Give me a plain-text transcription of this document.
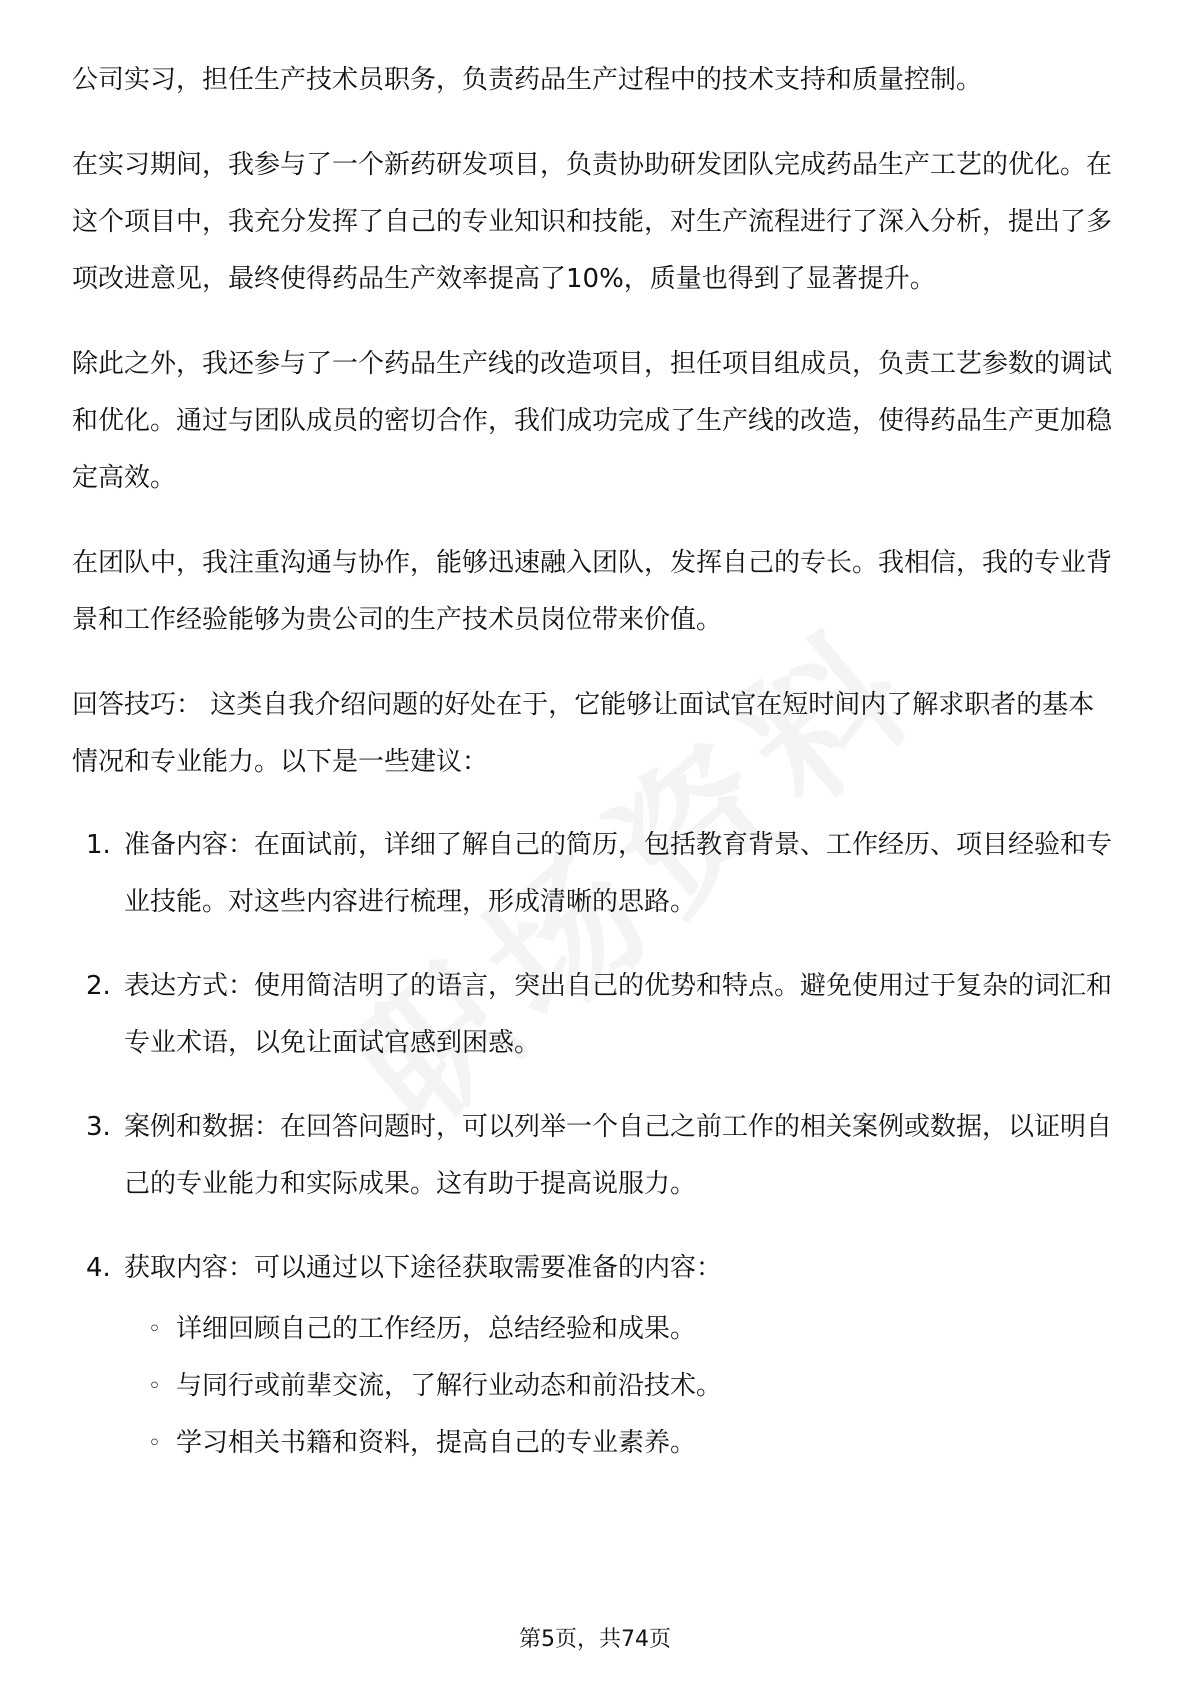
公司实习，担任生产技术员职务，负责药品生产过程中的技术支持和质量控制。

在实习期间，我参与了一个新药研发项目，负责协助研发团队完成药品生产工艺的优化。在这个项目中，我充分发挥了自己的专业知识和技能，对生产流程进行了深入分析，提出了多项改进意见，最终使得药品生产效率提高了10%，质量也得到了显著提升。

除此之外，我还参与了一个药品生产线的改造项目，担任项目组成员，负责工艺参数的调试和优化。通过与团队成员的密切合作，我们成功完成了生产线的改造，使得药品生产更加稳定高效。

在团队中，我注重沟通与协作，能够迅速融入团队，发挥自己的专长。我相信，我的专业背景和工作经验能够为贵公司的生产技术员岗位带来价值。

回答技巧： 这类自我介绍问题的好处在于，它能够让面试官在短时间内了解求职者的基本情况和专业能力。以下是一些建议：

1. 准备内容：在面试前，详细了解自己的简历，包括教育背景、工作经历、项目经验和专业技能。对这些内容进行梳理，形成清晰的思路。
2. 表达方式：使用简洁明了的语言，突出自己的优势和特点。避免使用过于复杂的词汇和专业术语，以免让面试官感到困惑。
3. 案例和数据：在回答问题时，可以列举一个自己之前工作的相关案例或数据，以证明自己的专业能力和实际成果。这有助于提高说服力。
4. 获取内容：可以通过以下途径获取需要准备的内容：
◦ 详细回顾自己的工作经历，总结经验和成果。
◦ 与同行或前辈交流，了解行业动态和前沿技术。
◦ 学习相关书籍和资料，提高自己的专业素养。
第5页，共74页
